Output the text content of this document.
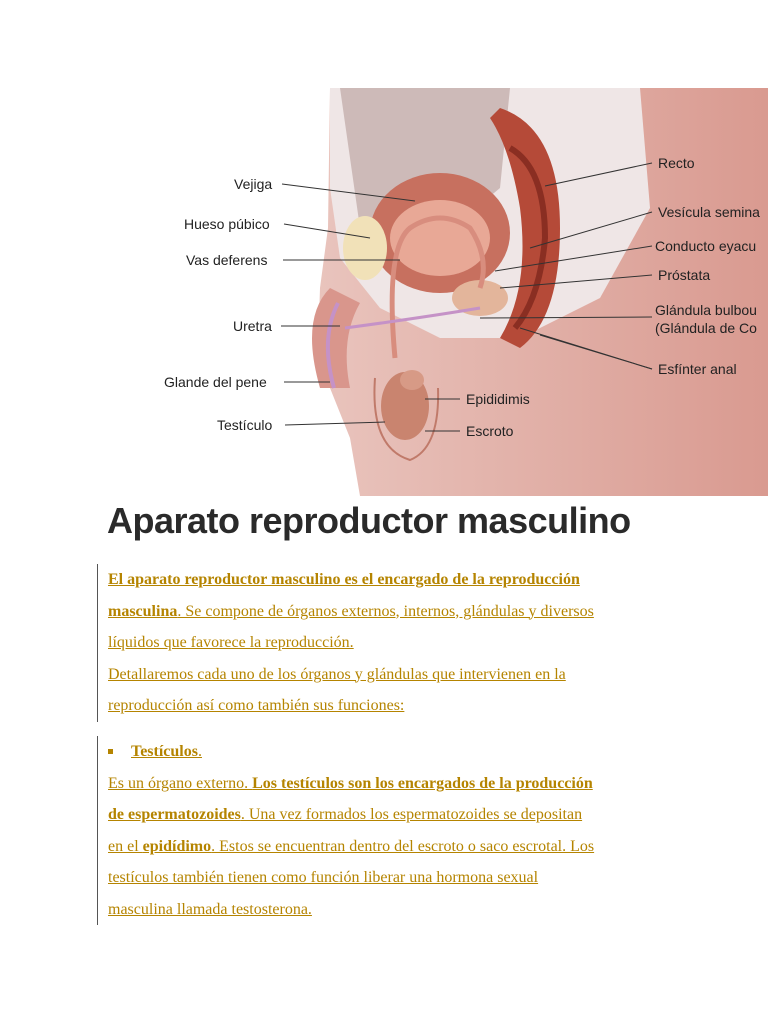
Vejiga
Hueso púbico
Vas deferens
Uretra
Glande del pene
Testículo
Recto
Vesícula semina
Conducto eyacu
Próstata
Glándula bulbou
(Glándula de Co
Esfínter anal
Epididimis
Escroto
Aparato reproductor masculino
El aparato reproductor masculino es el encargado de la reproducción
masculina. Se compone de órganos externos, internos, glándulas y diversos
líquidos que favorece la reproducción.
Detallaremos cada uno de los órganos y glándulas que intervienen en la
reproducción así como también sus funciones:
Testículos.
Es un órgano externo. Los testículos son los encargados de la producción
de espermatozoides. Una vez formados los espermatozoides se depositan
en el epidídimo. Estos se encuentran dentro del escroto o saco escrotal. Los
testículos también tienen como función liberar una hormona sexual
masculina llamada testosterona.
